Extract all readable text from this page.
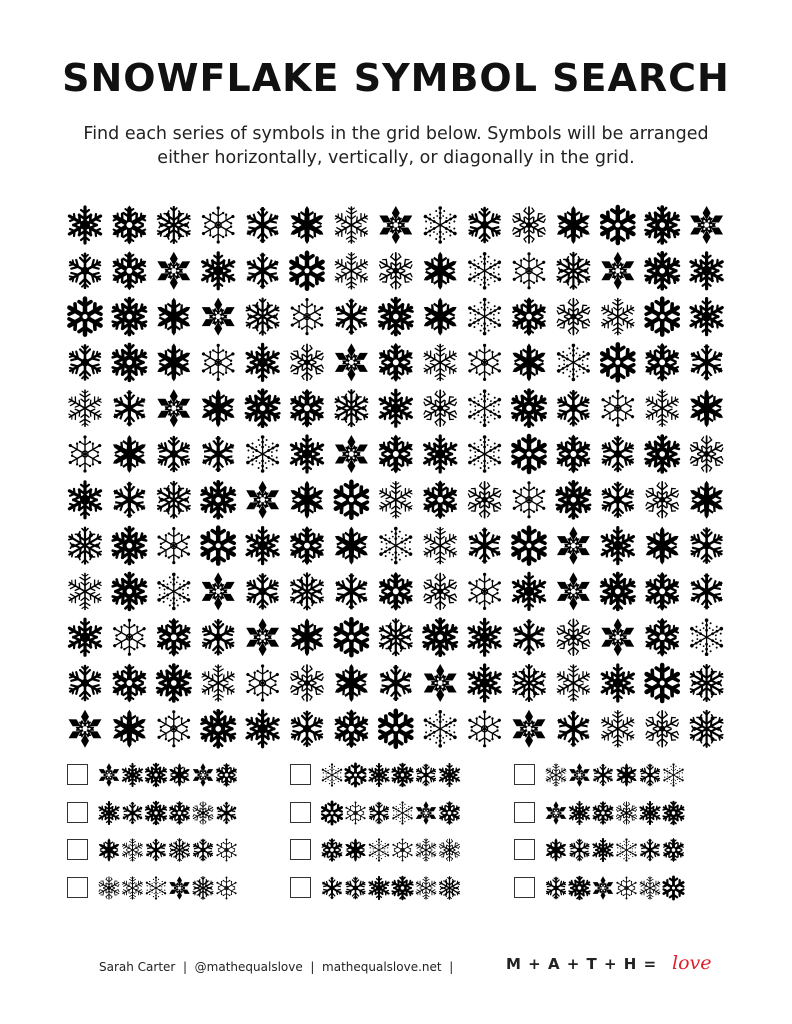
SNOWFLAKE SYMBOL SEARCH
Find each series of symbols in the grid below. Symbols will be arranged either horizontally, vertically, or diagonally in the grid.
Sarah Carter  |  @mathequalslove  |  mathequalslove.net  |	M + A + T + H = love
